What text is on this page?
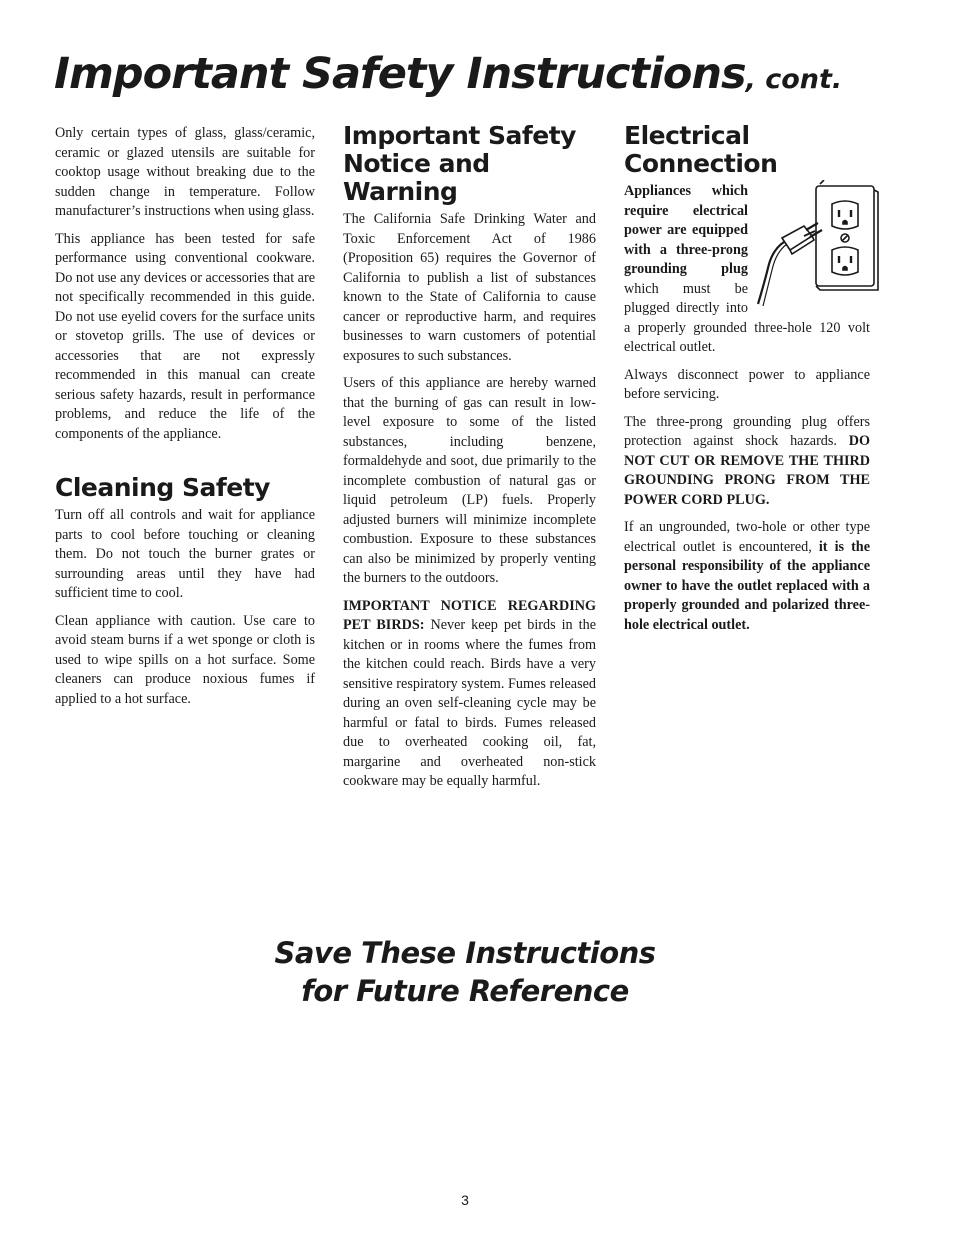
Important Safety Instructions, cont.

Only certain types of glass, glass/ceramic, ceramic or glazed utensils are suitable for cooktop usage without breaking due to the sudden change in temperature. Follow manufacturer’s instructions when using glass.

This appliance has been tested for safe performance using conventional cookware. Do not use any devices or accessories that are not specifically recommended in this guide. Do not use eyelid covers for the surface units or stovetop grills. The use of devices or accessories that are not expressly recommended in this manual can create serious safety hazards, result in performance problems, and reduce the life of the components of the appliance.

Cleaning Safety

Turn off all controls and wait for appliance parts to cool before touching or cleaning them. Do not touch the burner grates or surrounding areas until they have had sufficient time to cool.

Clean appliance with caution. Use care to avoid steam burns if a wet sponge or cloth is used to wipe spills on a hot surface. Some cleaners can produce noxious fumes if applied to a hot surface.

Important Safety Notice and Warning

The California Safe Drinking Water and Toxic Enforcement Act of 1986 (Proposition 65) requires the Governor of California to publish a list of substances known to the State of California to cause cancer or reproductive harm, and requires businesses to warn customers of potential exposures to such substances.

Users of this appliance are hereby warned that the burning of gas can result in low-level exposure to some of the listed substances, including benzene, formaldehyde and soot, due primarily to the incomplete combustion of natural gas or liquid petroleum (LP) fuels. Properly adjusted burners will minimize incomplete combustion. Exposure to these substances can also be minimized by properly venting the burners to the outdoors.

IMPORTANT NOTICE REGARDING PET BIRDS: Never keep pet birds in the kitchen or in rooms where the fumes from the kitchen could reach. Birds have a very sensitive respiratory system. Fumes released during an oven self-cleaning cycle may be harmful or fatal to birds. Fumes released due to overheated cooking oil, fat, margarine and overheated non-stick cookware may be equally harmful.

Electrical Connection

Appliances which require electrical power are equipped with a three-prong grounding plug which must be plugged directly into a properly grounded three-hole 120 volt electrical outlet.

Always disconnect power to appliance before servicing.

The three-prong grounding plug offers protection against shock hazards. DO NOT CUT OR REMOVE THE THIRD GROUNDING PRONG FROM THE POWER CORD PLUG.

If an ungrounded, two-hole or other type electrical outlet is encountered, it is the personal responsibility of the appliance owner to have the outlet replaced with a properly grounded and polarized three-hole electrical outlet.

Save These Instructions
for Future Reference
3
